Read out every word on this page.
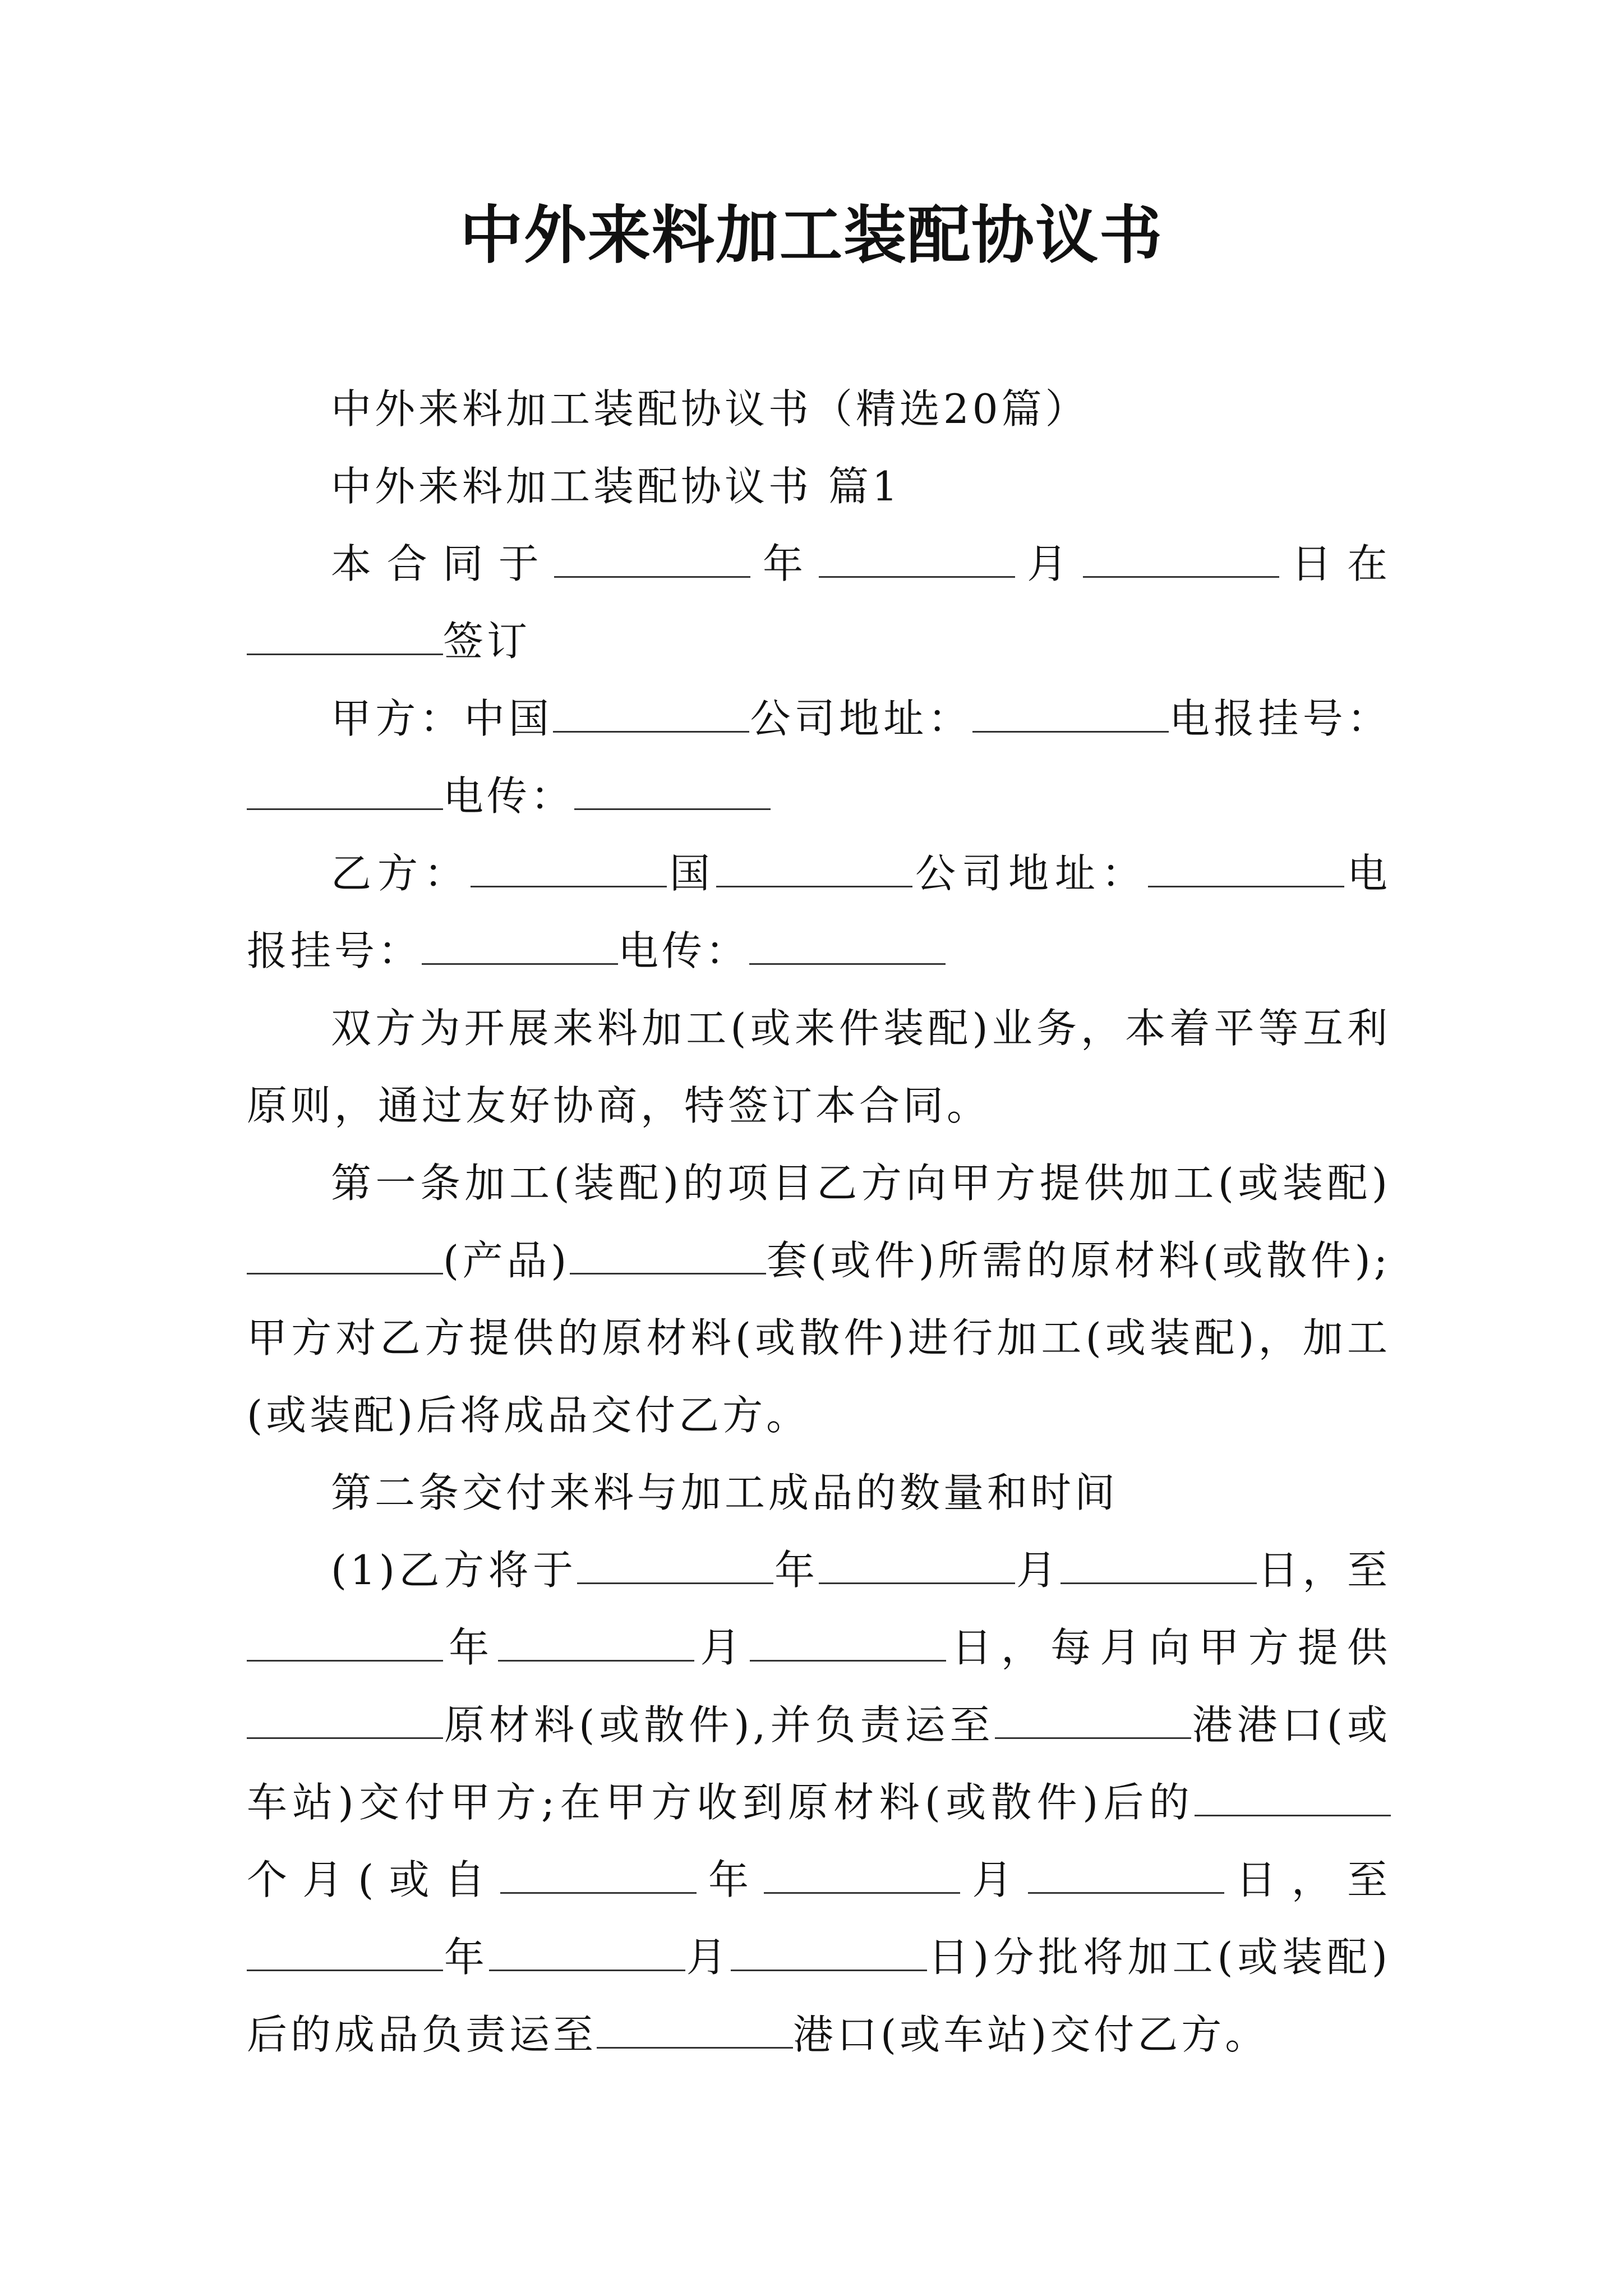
中外来料加工装配协议书

中外来料加工装配协议书（精选20篇）

中外来料加工装配协议书 篇1

本合同于	年	月	日在签订

甲方：中国	公司地址：	电报挂号：电传：

乙方：	国	公司地址：	电报挂号：	电传：

双方为开展来料加工(或来件装配)业务，本着平等互利原则，通过友好协商，特签订本合同。

第一条加工(装配)的项目乙方向甲方提供加工(或装配)(产品)	套(或件)所需的原材料(或散件);甲方对乙方提供的原材料(或散件)进行加工(或装配)，加工(或装配)后将成品交付乙方。

第二条交付来料与加工成品的数量和时间

(1)乙方将于	年	月	日，至年	月	日，每月向甲方提供原材料(或散件),并负责运至	港港口(或车站)交付甲方;在甲方收到原材料(或散件)后的个月(或自	年	月	日，至年	月	日)分批将加工(或装配)后的成品负责运至	港口(或车站)交付乙方。
